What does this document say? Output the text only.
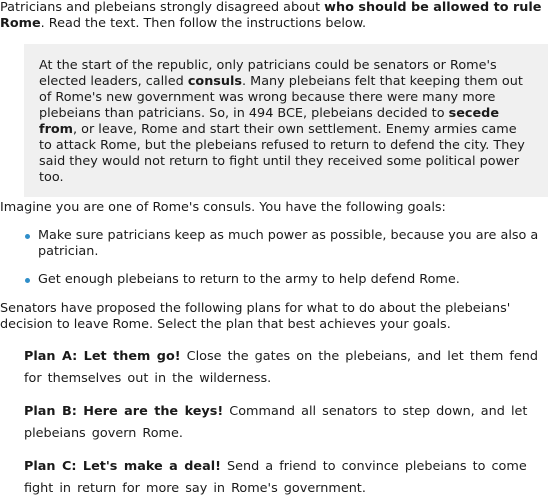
Patricians and plebeians strongly disagreed about who should be allowed to rule Rome. Read the text. Then follow the instructions below.

At the start of the republic, only patricians could be senators or Rome's elected leaders, called consuls. Many plebeians felt that keeping them out of Rome's new government was wrong because there were many more plebeians than patricians. So, in 494 BCE, plebeians decided to secede from, or leave, Rome and start their own settlement. Enemy armies came to attack Rome, but the plebeians refused to return to defend the city. They said they would not return to fight until they received some political power too.

Imagine you are one of Rome's consuls. You have the following goals:

Make sure patricians keep as much power as possible, because you are also a patrician.
Get enough plebeians to return to the army to help defend Rome.

Senators have proposed the following plans for what to do about the plebeians' decision to leave Rome. Select the plan that best achieves your goals.

Plan A: Let them go! Close the gates on the plebeians, and let them fend for themselves out in the wilderness.

Plan B: Here are the keys! Command all senators to step down, and let plebeians govern Rome.

Plan C: Let's make a deal! Send a friend to convince plebeians to come fight in return for more say in Rome's government.
